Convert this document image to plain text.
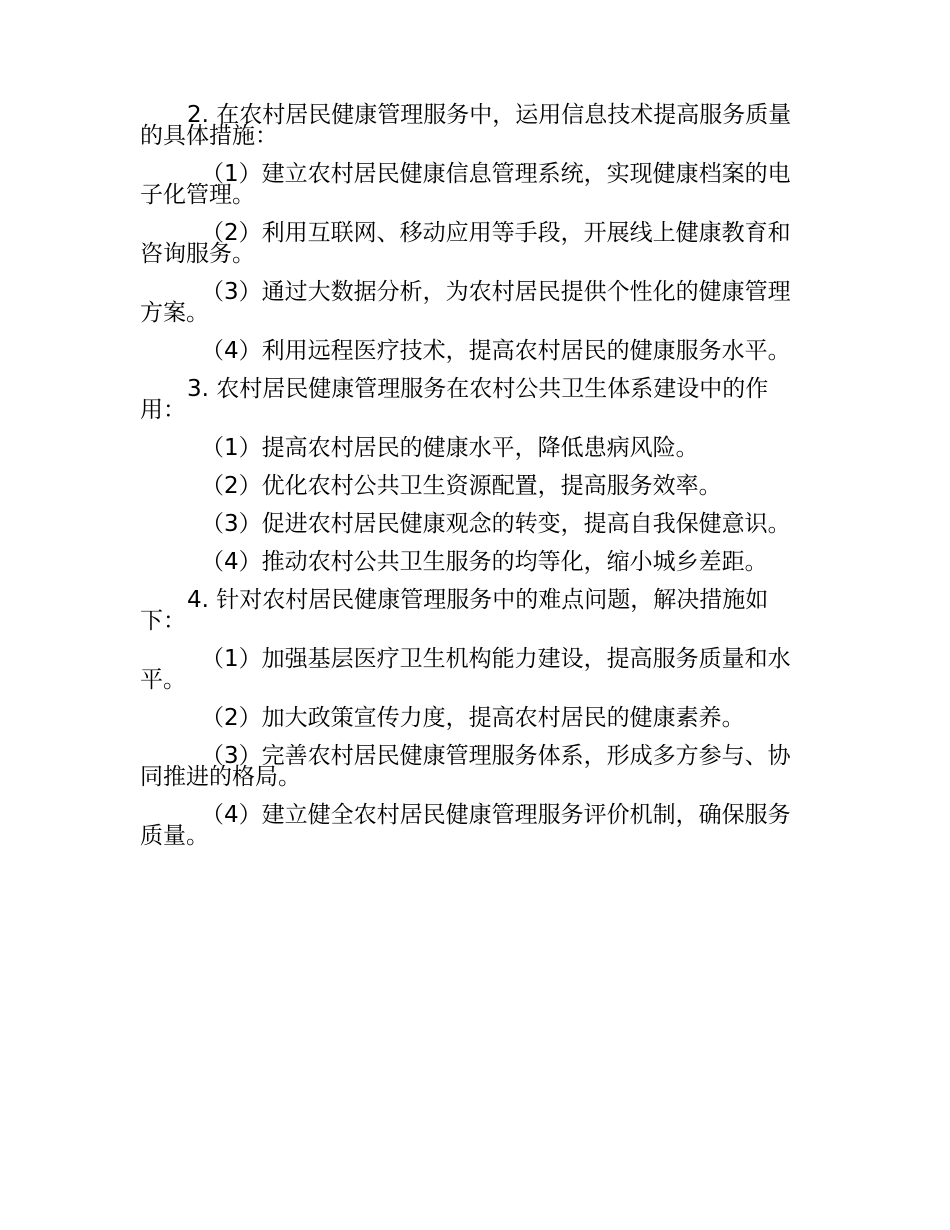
2. 在农村居民健康管理服务中，运用信息技术提高服务质量的具体措施：

（1）建立农村居民健康信息管理系统，实现健康档案的电子化管理。

（2）利用互联网、移动应用等手段，开展线上健康教育和咨询服务。

（3）通过大数据分析，为农村居民提供个性化的健康管理方案。

（4）利用远程医疗技术，提高农村居民的健康服务水平。

3. 农村居民健康管理服务在农村公共卫生体系建设中的作用：

（1）提高农村居民的健康水平，降低患病风险。

（2）优化农村公共卫生资源配置，提高服务效率。

（3）促进农村居民健康观念的转变，提高自我保健意识。

（4）推动农村公共卫生服务的均等化，缩小城乡差距。

4. 针对农村居民健康管理服务中的难点问题，解决措施如下：

（1）加强基层医疗卫生机构能力建设，提高服务质量和水平。

（2）加大政策宣传力度，提高农村居民的健康素养。

（3）完善农村居民健康管理服务体系，形成多方参与、协同推进的格局。

（4）建立健全农村居民健康管理服务评价机制，确保服务质量。
